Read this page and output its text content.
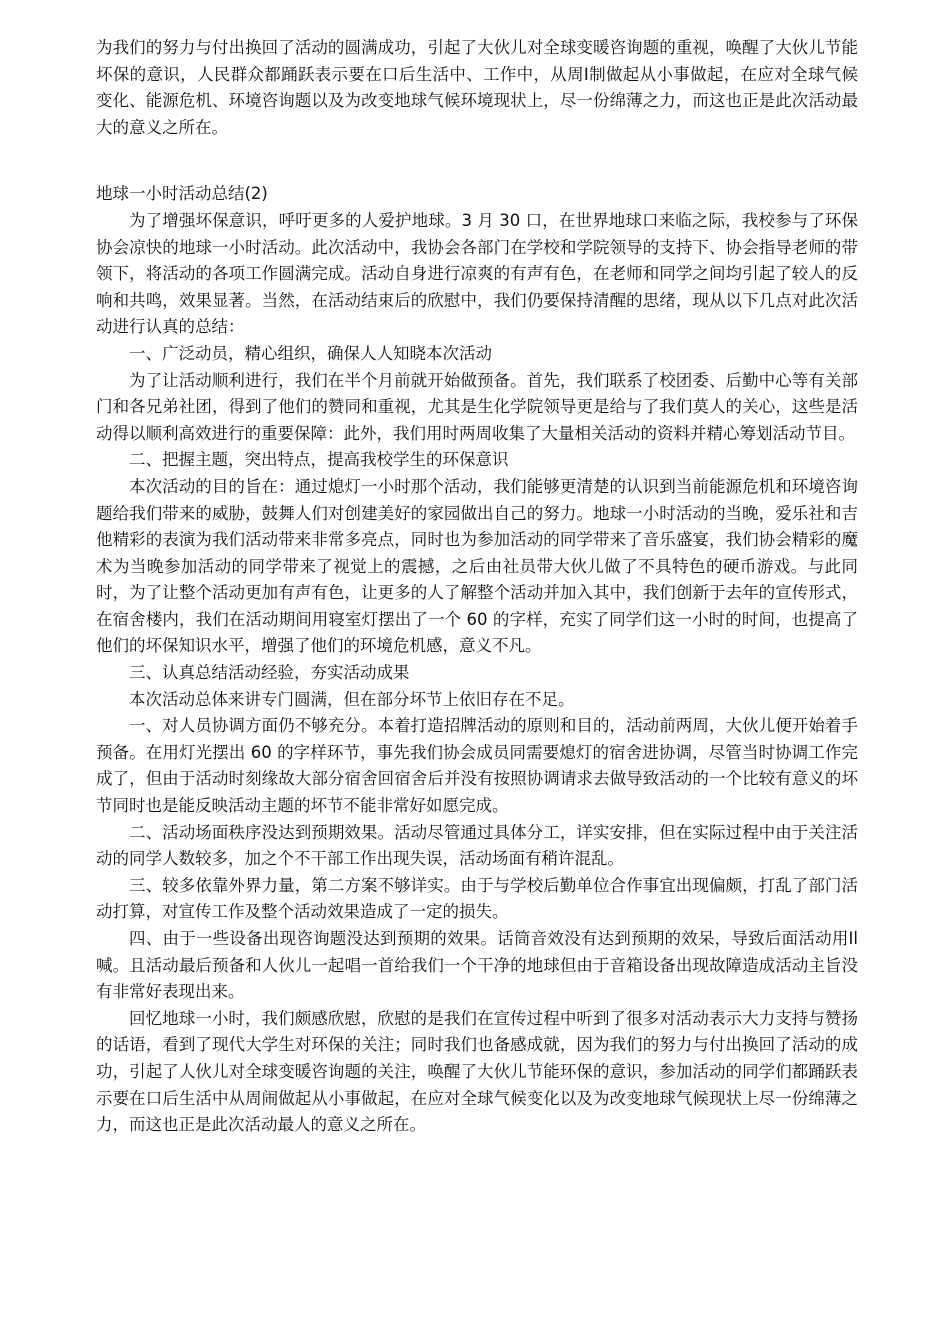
为我们的努力与付出换回了活动的圆满成功，引起了大伙儿对全球变暖咨询题的重视，唤醒了大伙儿节能坏保的意识，人民群众都踊跃表示要在口后生活中、工作中，从周I制做起从小事做起，在应对全球气候变化、能源危机、环境咨询题以及为改变地球气候环境现状上，尽一份绵薄之力，而这也正是此次活动最大的意义之所在。

地球一小时活动总结(2)

为了增强坏保意识，呼吁更多的人爱护地球。3 月 30 口，在世界地球口来临之际，我校参与了环保协会凉快的地球一小时活动。此次活动中，我协会各部门在学校和学院领导的支持下、协会指导老师的带领下，将活动的各项工作圆满完成。活动自身进行凉爽的有声有色，在老师和同学之间均引起了较人的反响和共鸣，效果显著。当然，在活动结束后的欣慰中，我们仍要保持清醒的思绪，现从以下几点对此次活动进行认真的总结：

一、广泛动员，精心组织，确保人人知晓本次活动

为了让活动顺利进行，我们在半个月前就开始做预备。首先，我们联系了校团委、后勤中心等有关部门和各兄弟社团，得到了他们的赞同和重视，尤其是生化学院领导更是给与了我们莫人的关心，这些是活动得以顺利高效进行的重要保障：此外，我们用时两周收集了大量相关活动的资料并精心筹划活动节目。

二、把握主题，突出特点，提高我校学生的环保意识

本次活动的目的旨在：通过熄灯一小时那个活动，我们能够更清楚的认识到当前能源危机和环境咨询题给我们带来的威胁，鼓舞人们对创建美好的家园做出自己的努力。地球一小时活动的当晚，爱乐社和吉他精彩的表演为我们活动带来非常多亮点，同时也为参加活动的同学带来了音乐盛宴，我们协会精彩的魔术为当晚参加活动的同学带来了视觉上的震撼，之后由社员带大伙儿做了不具特色的硬币游戏。与此同时，为了让整个活动更加有声有色，让更多的人了解整个活动并加入其中，我们创新于去年的宣传形式，在宿舍楼内，我们在活动期间用寝室灯摆出了一个 60 的字样，充实了同学们这一小时的时间，也提高了他们的坏保知识水平，增强了他们的环境危机感，意义不凡。

三、认真总结活动经验，夯实活动成果

本次活动总体来讲专门圆满，但在部分坏节上依旧存在不足。

一、对人员协调方面仍不够充分。本着打造招牌活动的原则和目的，活动前两周，大伙儿便开始着手预备。在用灯光摆出 60 的字样环节，事先我们协会成员同需要熄灯的宿舍进协调，尽管当时协调工作完成了，但由于活动时刻缘故大部分宿舍回宿舍后并没有按照协调请求去做导致活动的一个比较有意义的坏节同时也是能反映活动主题的坏节不能非常好如愿完成。

二、活动场面秩序没达到预期效果。活动尽管通过具体分工，详实安排，但在实际过程中由于关注活动的同学人数较多，加之个不干部工作出现失误，活动场面有稍许混乱。

三、较多依靠外界力量，第二方案不够详实。由于与学校后勤单位合作事宜出现偏颇，打乱了部门活动打算，对宣传工作及整个活动效果造成了一定的损失。

四、由于一些设备出现咨询题没达到预期的效果。话筒音效没有达到预期的效呆，导致后面活动用Il喊。且活动最后预备和人伙儿一起唱一首给我们一个干净的地球但由于音箱设备出现故障造成活动主旨没有非常好表现出来。

回忆地球一小时，我们颇感欣慰，欣慰的是我们在宣传过程中听到了很多对活动表示大力支持与赞扬的话语，看到了现代大学生对环保的关注；同时我们也备感成就，因为我们的努力与付出换回了活动的成功，引起了人伙儿对全球变暖咨询题的关注，唤醒了大伙儿节能环保的意识，参加活动的同学们都踊跃表示要在口后生活中从周闹做起从小事做起，在应对全球气候变化以及为改变地球气候现状上尽一份绵薄之力，而这也正是此次活动最人的意义之所在。
